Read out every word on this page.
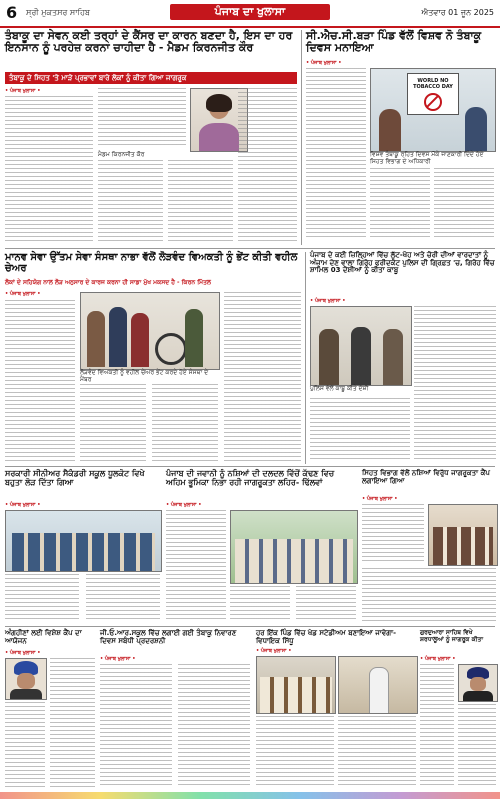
6 ਸ੍ਰੀ ਮੁਕਤਸਰ ਸਾਹਿਬ	ਪੰਜਾਬ ਦਾ ਖੁਲਾਸਾ	ਐਤਵਾਰ 01 ਜੂਨ 2025
ਤੰਬਾਕੂ ਦਾ ਸੇਵਨ ਕਈ ਤਰ੍ਹਾਂ ਦੇ ਕੈਂਸਰ ਦਾ ਕਾਰਨ ਬਣਦਾ ਹੈ, ਇਸ ਦਾ ਹਰ ਇਨਸਾਨ ਨੂੰ ਪਰਹੇਜ਼ ਕਰਨਾ ਚਾਹੀਦਾ ਹੈ - ਮੈਡਮ ਕਿਰਨਜੀਤ ਕੌਰ
ਤੰਬਾਕੂ ਦੇ ਸਿਹਤ 'ਤੇ ਮਾੜੇ ਪ੍ਰਭਾਵਾਂ ਬਾਰੇ ਲੋਕਾਂ ਨੂੰ ਕੀਤਾ ਗਿਆ ਜਾਗਰੂਕ
• ਪੰਜਾਬ ਖੁਲਾਸਾ •
ਮੈਡਮ ਕਿਰਨਜੀਤ ਕੌਰ
ਸੀ.ਐਚ.ਸੀ.ਬੜਾ ਪਿੰਡ ਵੱਲੋਂ ਵਿਸ਼ਵ ਨੋ ਤੰਬਾਕੂ ਦਿਵਸ ਮਨਾਇਆ
• ਪੰਜਾਬ ਖੁਲਾਸਾ •
WORLD NO TOBACCO DAY
ਵਿਸ਼ਵ ਤੰਬਾਕੂ ਰਹਿਤ ਦਿਵਸ ਮੌਕੇ ਜਾਣਕਾਰੀ ਦਿੰਦੇ ਹੋਏ ਸਿਹਤ ਵਿਭਾਗ ਦੇ ਅਧਿਕਾਰੀ
ਮਾਨਵ ਸੇਵਾ ਉੱਤਮ ਸੇਵਾ ਸੰਸਥਾ ਨਾਭਾ ਵੱਲੋਂ ਲੋੜਵੰਦ ਵਿਅਕਤੀ ਨੂੰ ਭੇਂਟ ਕੀਤੀ ਵਹੀਲ ਚੇਅਰ
ਲੋਕਾਂ ਦੇ ਸਹਿਯੋਗ ਨਾਲ ਲੋੜ ਅਨੁਸਾਰ ਦੇ ਕਾਰਜ ਕਰਨਾ ਹੀ ਸਾਡਾ ਮੁੱਖ ਮਕਸਦ ਹੈ - ਕਿਰਨ ਮਿੱਤਲ
• ਪੰਜਾਬ ਖੁਲਾਸਾ •
ਲੋੜਵੰਦ ਵਿਅਕਤੀ ਨੂੰ ਵਹੀਲ ਚੇਅਰ ਭੇਂਟ ਕਰਦੇ ਹੋਏ ਸੰਸਥਾ ਦੇ ਮੈਂਬਰ
ਪੰਜਾਬ ਦੇ ਕਈ ਜ਼ਿਲ੍ਹਿਆਂ ਵਿੱਚ ਲੁੱਟ-ਖੋਹ ਅਤੇ ਚੋਰੀ ਦੀਆਂ ਵਾਰਦਾਤਾਂ ਨੂੰ ਅੰਜ਼ਾਮ ਦੇਣ ਵਾਲਾ ਗਿਰੋਹ ਫਰੀਦਕੋਟ ਪੁਲਿਸ ਦੀ ਗ੍ਰਿਫ਼ਤ 'ਚ, ਗਿਰੋਹ ਵਿੱਚ ਸ਼ਾਮਿਲ 03 ਦੋਸ਼ੀਆਂ ਨੂੰ ਕੀਤਾ ਕਾਬੂ
• ਪੰਜਾਬ ਖੁਲਾਸਾ •
ਪੁਲਿਸ ਵੱਲੋਂ ਕਾਬੂ ਕੀਤੇ ਦੋਸ਼ੀ
ਸਰਕਾਰੀ ਸੀਨੀਅਰ ਸੈਕੰਡਰੀ ਸਕੂਲ ਧੂਲਕੋਟ ਵਿਖੇ ਬਹੁਤਾ ਲੋੜ ਦਿੱਤਾ ਗਿਆ
• ਪੰਜਾਬ ਖੁਲਾਸਾ •
ਪੰਜਾਬ ਦੀ ਜਵਾਨੀ ਨੂੰ ਨਸ਼ਿਆਂ ਦੀ ਦਲਦਲ ਵਿੱਚੋਂ ਕੱਢਣ ਵਿਚ ਅਹਿਮ ਭੂਮਿਕਾ ਨਿਭਾ ਰਹੀ ਜਾਗਰੂਕਤਾ ਲਹਿਰ- ਢਿੱਲਵਾਂ
• ਪੰਜਾਬ ਖੁਲਾਸਾ •
ਸਿਹਤ ਵਿਭਾਗ ਵੱਲੋਂ ਨਸ਼ਿਆਂ ਵਿਰੁੱਧ ਜਾਗਰੂਕਤਾ ਕੈਂਪ ਲਗਾਇਆ ਗਿਆ
• ਪੰਜਾਬ ਖੁਲਾਸਾ •
ਅੰਗਹੀਣਾਂ ਲਈ ਵਿਸ਼ੇਸ਼ ਕੈਂਪ ਦਾ ਆਯੋਜਨ
• ਪੰਜਾਬ ਖੁਲਾਸਾ •
ਜੀ.ਓ.ਆਰ.ਸਕੂਲ ਵਿੱਚ ਲਗਾਈ ਗਈ ਤੰਬਾਕੂ ਨਿਵਾਰਣ ਦਿਵਸ ਸਬੰਧੀ ਪ੍ਰਦਰਸ਼ਨੀ
• ਪੰਜਾਬ ਖੁਲਾਸਾ •
ਹਰ ਇੱਕ ਪਿੰਡ ਵਿੱਚ ਖੇਡ ਸਟੇਡੀਅਮ ਬਣਾਇਆ ਜਾਵੇਗਾ- ਵਿਧਾਇਕ ਸਿੱਧੂ
• ਪੰਜਾਬ ਖੁਲਾਸਾ •
ਗੁਰਦੁਆਰਾ ਸਾਹਿਬ ਵਿਖੇ ਸ਼ਰਧਾਲੂਆਂ ਨੂੰ ਜਾਗਰੂਕ ਕੀਤਾ
• ਪੰਜਾਬ ਖੁਲਾਸਾ •
